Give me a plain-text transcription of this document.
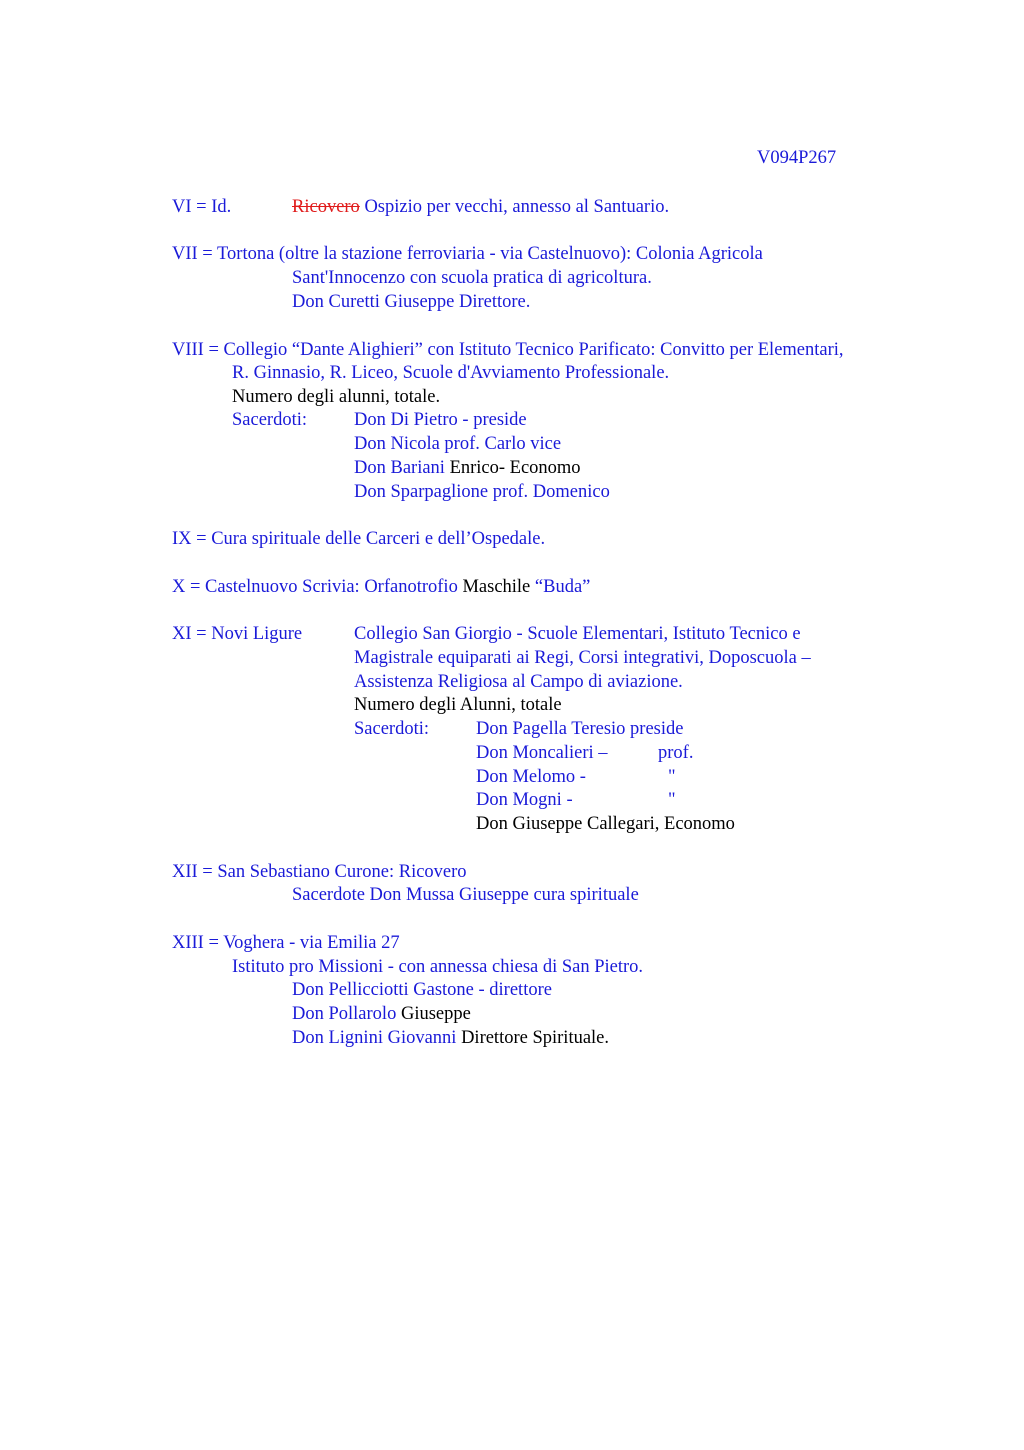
V094P267
VI = Id.	Ricovero Ospizio per vecchi, annesso al Santuario.
VII = Tortona (oltre la stazione ferroviaria - via Castelnuovo): Colonia Agricola
Sant'Innocenzo con scuola pratica di agricoltura.
Don Curetti Giuseppe Direttore.
VIII = Collegio “Dante Alighieri” con Istituto Tecnico Parificato: Convitto per Elementari,
R. Ginnasio, R. Liceo, Scuole d'Avviamento Professionale.
Numero degli alunni, totale.
Sacerdoti:	Don Di Pietro - preside
Don Nicola prof. Carlo vice
Don Bariani Enrico- Economo
Don Sparpaglione prof. Domenico
IX = Cura spirituale delle Carceri e dell’Ospedale.
X = Castelnuovo Scrivia: Orfanotrofio Maschile “Buda”
XI = Novi Ligure	Collegio San Giorgio - Scuole Elementari, Istituto Tecnico e
Magistrale equiparati ai Regi, Corsi integrativi, Doposcuola –
Assistenza Religiosa al Campo di aviazione.
Numero degli Alunni, totale
Sacerdoti:	Don Pagella Teresio preside
Don Moncalieri –	prof.
Don Melomo -	"
Don Mogni -	"
Don Giuseppe Callegari, Economo
XII = San Sebastiano Curone: Ricovero
Sacerdote Don Mussa Giuseppe cura spirituale
XIII = Voghera - via Emilia 27
Istituto pro Missioni - con annessa chiesa di San Pietro.
Don Pellicciotti Gastone - direttore
Don Pollarolo Giuseppe
Don Lignini Giovanni Direttore Spirituale.
